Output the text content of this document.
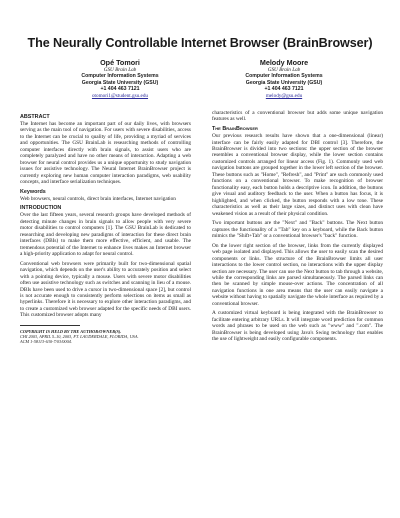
The Neurally Controllable Internet Browser (BrainBrowser)
Opé Tomori
GSU Brain Lab
Computer Information Systems
Georgia State University (GSU)
+1 404 463 7121
otomori1@student.gsu.edu
Melody Moore
GSU Brain Lab
Computer Information Systems
Georgia State University (GSU)
+1 404 463 7121
melody@gsu.edu
ABSTRACT
The Internet has become an important part of our daily lives, with browsers serving as the main tool of navigation. For users with severe disabilities, access to the Internet can be crucial to quality of life, providing a myriad of services and opportunities. The GSU BrainLab is researching methods of controlling computer interfaces directly with brain signals, to assist users who are completely paralyzed and have no other means of interaction. Adapting a web browser for neural control provides us a unique opportunity to study navigation issues for assistive technology. The Neural Internet BrainBrowser project is currently exploring new human computer interaction paradigms, web usability concepts, and interface serialization techniques.
Keywords
Web browsers, neural controls, direct brain interfaces, Internet navigation
INTRODUCTION
Over the last fifteen years, several research groups have developed methods of detecting minute changes in brain signals to allow people with very severe motor disabilities to control computers [1]. The GSU BrainLab is dedicated to researching and developing new paradigms of interaction for these direct brain interfaces (DBIs) to make them more effective, efficient, and usable. The tremendous potential of the Internet to enhance lives makes an Internet browser a high-priority application to adapt for neural control.
Conventional web browsers were primarily built for two-dimensional spatial navigation, which depends on the user's ability to accurately position and select with a pointing device, typically a mouse. Users with severe motor disabilities often use assistive technology such as switches and scanning in lieu of a mouse. DBIs have been used to drive a cursor in two-dimensional space [2], but control is not accurate enough to consistently perform selections on items as small as hyperlinks. Therefore it is necessary to explore other interaction paradigms, and to create a customized web browser adapted for the specific needs of DBI users. This customized browser adopts many
COPYRIGHT IS HELD BY THE AUTHOR/OWNER(S).
CHI 2003, APRIL 5–10, 2003, FT. LAUDERDALE, FLORIDA, USA.
ACM 1-58113-630-7/03/0004.
characteristics of a conventional browser but adds some unique navigation features as well.
The BrainBrowser
Our previous research results have shown that a one-dimensional (linear) interface can be fairly easily adapted for DBI control [3]. Therefore, the BrainBrowser is divided into two sections: the upper section of the browser resembles a conventional browser display, while the lower section contains customized controls arranged for linear access (Fig. 1). Commonly used web navigation buttons are grouped together in the lower left section of the browser. These buttons such as "Home", "Refresh", and "Print" are such commonly used functions on a conventional browser. To make recognition of browser functionality easy, each button holds a descriptive icon. In addition, the buttons give visual and auditory feedback to the user. When a button has focus, it is highlighted, and when clicked, the button responds with a low tone. These characteristics as well as their large sizes, and distinct uses with clean have weakened vision as a result of their physical condition.
Two important buttons are the "Next" and "Back" buttons. The Next button captures the functionality of a "Tab" key on a keyboard, while the Back button mimics the "Shift+Tab" or a conventional browser's "back" function.
On the lower right section of the browser, links from the currently displayed web page isolated and displayed. This allows the user to easily scan the desired components or links. The structure of the BrainBrowser limits all user interactions to the lower control section, no interactions with the upper display section are necessary. The user can use the Next button to tab through a website, while the corresponding links are parsed simultaneously. The parsed links can then be scanned by simple mouse-over actions. The concentration of all navigation functions in one area means that the user can easily navigate a website without having to spatially navigate the whole interface as required by a conventional browser.
A customized virtual keyboard is being integrated with the BrainBrowser to facilitate entering arbitrary URLs. It will integrate word prediction for common words and phrases to be used on the web such as "www" and ".com". The BrainBrowser is being developed using Java's Swing technology that enables the use of lightweight and easily configurable components.
